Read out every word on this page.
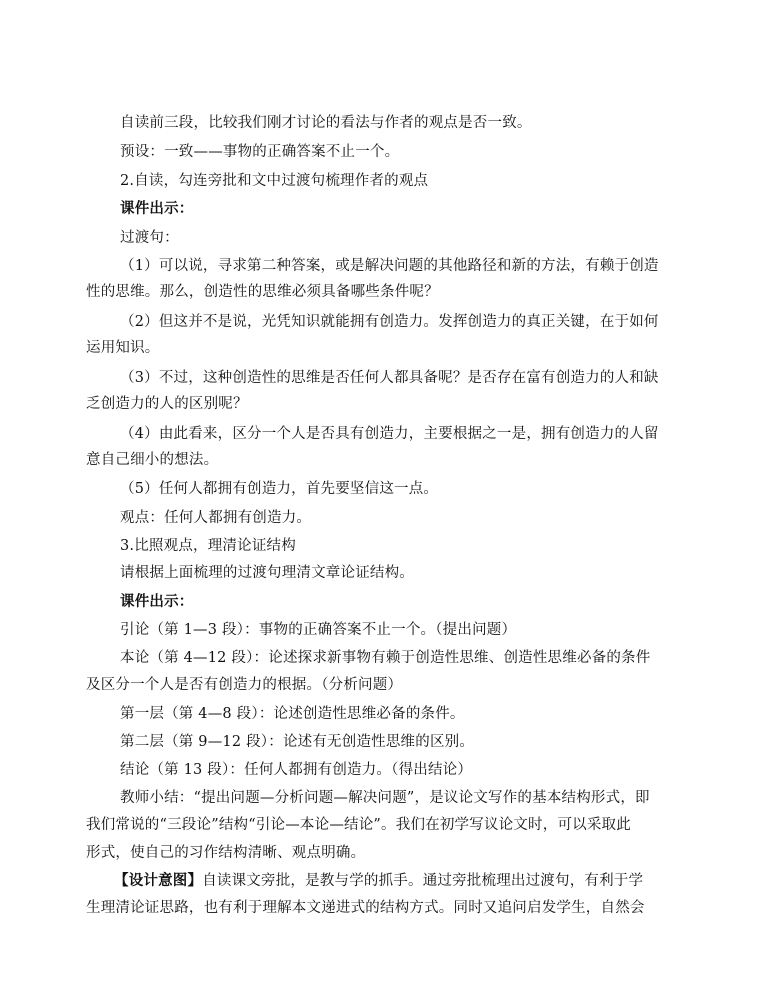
自读前三段，比较我们刚才讨论的看法与作者的观点是否一致。
预设：一致——事物的正确答案不止一个。
2.自读，勾连旁批和文中过渡句梳理作者的观点
课件出示：
过渡句：
（1）可以说，寻求第二种答案，或是解决问题的其他路径和新的方法，有赖于创造
性的思维。那么，创造性的思维必须具备哪些条件呢？
（2）但这并不是说，光凭知识就能拥有创造力。发挥创造力的真正关键，在于如何
运用知识。
（3）不过，这种创造性的思维是否任何人都具备呢？是否存在富有创造力的人和缺
乏创造力的人的区别呢？
（4）由此看来，区分一个人是否具有创造力，主要根据之一是，拥有创造力的人留
意自己细小的想法。
（5）任何人都拥有创造力，首先要坚信这一点。
观点：任何人都拥有创造力。
3.比照观点，理清论证结构
请根据上面梳理的过渡句理清文章论证结构。
课件出示：
引论（第 1—3 段）：事物的正确答案不止一个。（提出问题）
本论（第 4—12 段）：论述探求新事物有赖于创造性思维、创造性思维必备的条件
及区分一个人是否有创造力的根据。（分析问题）
第一层（第 4—8 段）：论述创造性思维必备的条件。
第二层（第 9—12 段）：论述有无创造性思维的区别。
结论（第 13 段）：任何人都拥有创造力。（得出结论）
教师小结：“提出问题—分析问题—解决问题”，是议论文写作的基本结构形式，即
我们常说的“三段论”结构“引论—本论—结论”。我们在初学写议论文时，可以采取此
形式，使自己的习作结构清晰、观点明确。
【设计意图】自读课文旁批，是教与学的抓手。通过旁批梳理出过渡句，有利于学
生理清论证思路，也有利于理解本文递进式的结构方式。同时又追问启发学生，自然会
